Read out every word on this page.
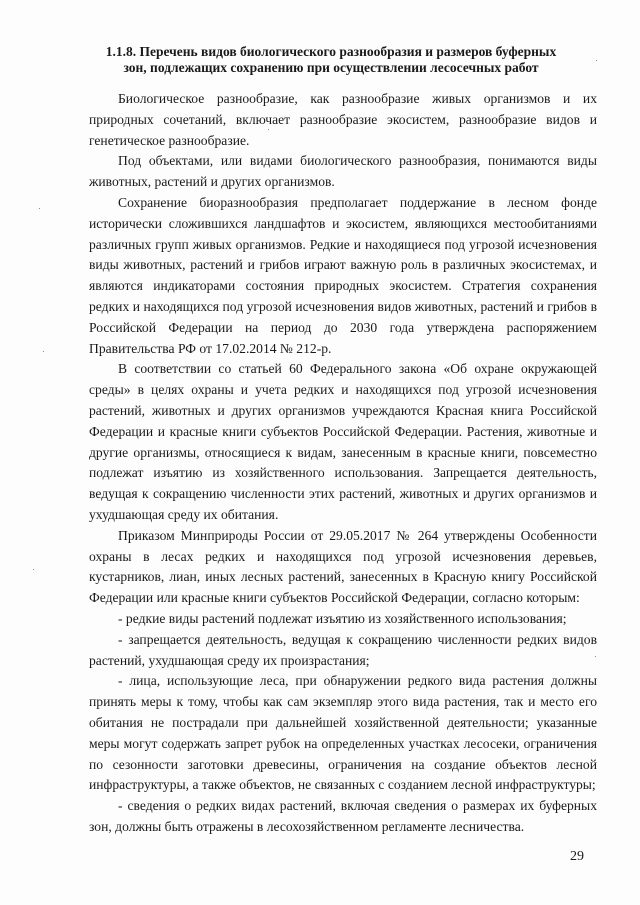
1.1.8. Перечень видов биологического разнообразия и размеров буферных зон, подлежащих сохранению при осуществлении лесосечных работ

Биологическое разнообразие, как разнообразие живых организмов и их природных сочетаний, включает разнообразие экосистем, разнообразие видов и генетическое разнообразие.

Под объектами, или видами биологического разнообразия, понимаются виды животных, растений и других организмов.

Сохранение биоразнообразия предполагает поддержание в лесном фонде исторически сложившихся ландшафтов и экосистем, являющихся местообитаниями различных групп живых организмов. Редкие и находящиеся под угрозой исчезновения виды животных, растений и грибов играют важную роль в различных экосистемах, и являются индикаторами состояния природных экосистем. Стратегия сохранения редких и находящихся под угрозой исчезновения видов животных, растений и грибов в Российской Федерации на период до 2030 года утверждена распоряжением Правительства РФ от 17.02.2014 № 212-р.

В соответствии со статьей 60 Федерального закона «Об охране окружающей среды» в целях охраны и учета редких и находящихся под угрозой исчезновения растений, животных и других организмов учреждаются Красная книга Российской Федерации и красные книги субъектов Российской Федерации. Растения, животные и другие организмы, относящиеся к видам, занесенным в красные книги, повсеместно подлежат изъятию из хозяйственного использования. Запрещается деятельность, ведущая к сокращению численности этих растений, животных и других организмов и ухудшающая среду их обитания.

Приказом Минприроды России от 29.05.2017 № 264 утверждены Особенности охраны в лесах редких и находящихся под угрозой исчезновения деревьев, кустарников, лиан, иных лесных растений, занесенных в Красную книгу Российской Федерации или красные книги субъектов Российской Федерации, согласно которым:

- редкие виды растений подлежат изъятию из хозяйственного использования;

- запрещается деятельность, ведущая к сокращению численности редких видов растений, ухудшающая среду их произрастания;

- лица, использующие леса, при обнаружении редкого вида растения должны принять меры к тому, чтобы как сам экземпляр этого вида растения, так и место его обитания не пострадали при дальнейшей хозяйственной деятельности; указанные меры могут содержать запрет рубок на определенных участках лесосеки, ограничения по сезонности заготовки древесины, ограничения на создание объектов лесной инфраструктуры, а также объектов, не связанных с созданием лесной инфраструктуры;

- сведения о редких видах растений, включая сведения о размерах их буферных зон, должны быть отражены в лесохозяйственном регламенте лесничества.

29
